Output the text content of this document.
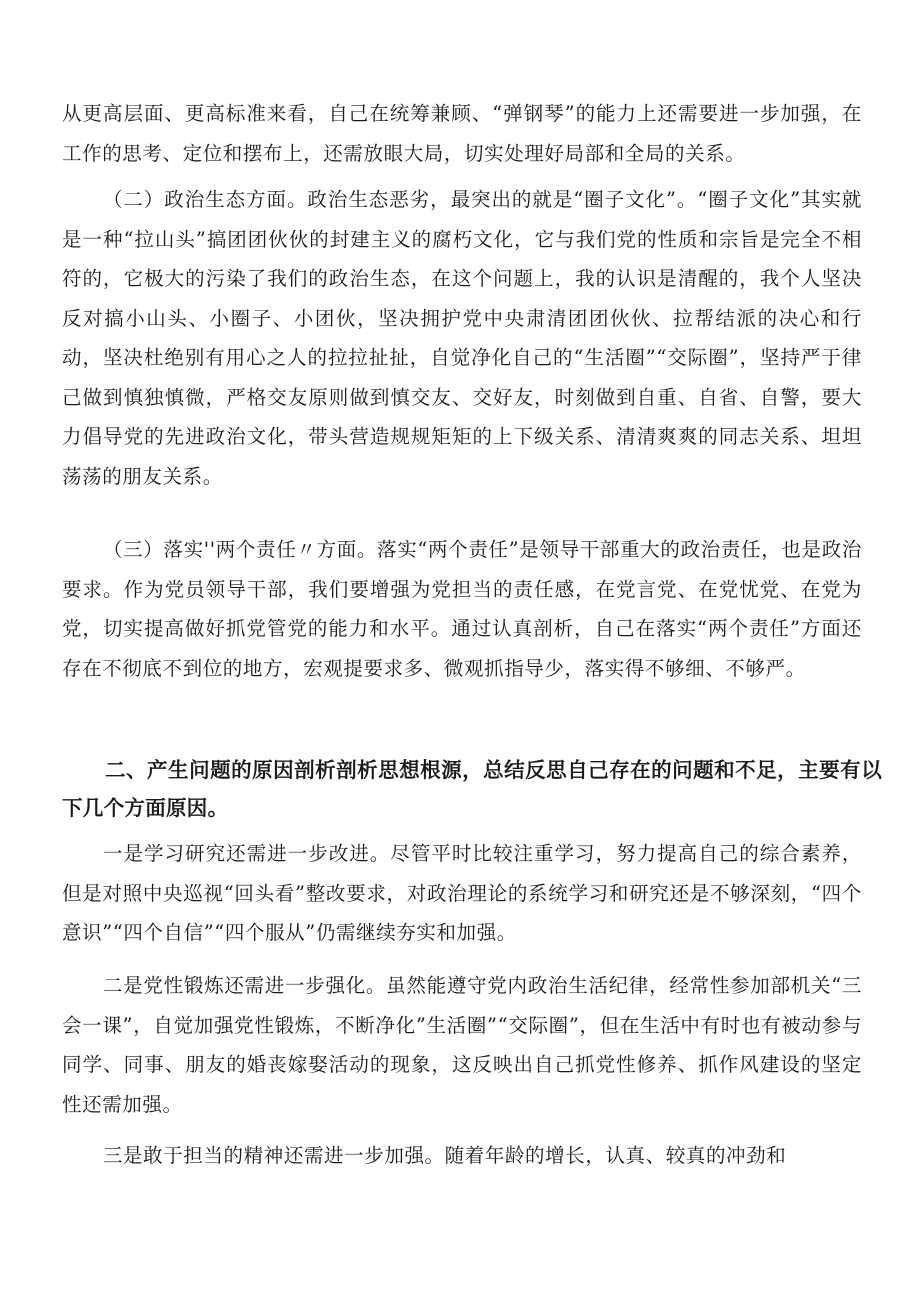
从更高层面、更高标准来看，自己在统筹兼顾、“弹钢琴”的能力上还需要进一步加强，在工作的思考、定位和摆布上，还需放眼大局，切实处理好局部和全局的关系。

（二）政治生态方面。政治生态恶劣，最突出的就是“圈子文化”。“圈子文化”其实就是一种“拉山头”搞团团伙伙的封建主义的腐朽文化，它与我们党的性质和宗旨是完全不相符的，它极大的污染了我们的政治生态，在这个问题上，我的认识是清醒的，我个人坚决反对搞小山头、小圈子、小团伙，坚决拥护党中央肃清团团伙伙、拉帮结派的决心和行动，坚决杜绝别有用心之人的拉拉扯扯，自觉净化自己的“生活圈”“交际圈”，坚持严于律己做到慎独慎微，严格交友原则做到慎交友、交好友，时刻做到自重、自省、自警，要大力倡导党的先进政治文化，带头营造规规矩矩的上下级关系、清清爽爽的同志关系、坦坦荡荡的朋友关系。

（三）落实''两个责任〃方面。落实“两个责任”是领导干部重大的政治责任，也是政治要求。作为党员领导干部，我们要增强为党担当的责任感，在党言党、在党忧党、在党为党，切实提高做好抓党管党的能力和水平。通过认真剖析，自己在落实“两个责任”方面还存在不彻底不到位的地方，宏观提要求多、微观抓指导少，落实得不够细、不够严。

二、产生问题的原因剖析剖析思想根源，总结反思自己存在的问题和不足，主要有以下几个方面原因。

一是学习研究还需进一步改进。尽管平时比较注重学习，努力提高自己的综合素养，但是对照中央巡视“回头看”整改要求，对政治理论的系统学习和研究还是不够深刻，“四个意识”“四个自信”“四个服从”仍需继续夯实和加强。

二是党性锻炼还需进一步强化。虽然能遵守党内政治生活纪律，经常性参加部机关“三会一课”，自觉加强党性锻炼，不断净化”生活圈”“交际圈”，但在生活中有时也有被动参与同学、同事、朋友的婚丧嫁娶活动的现象，这反映出自己抓党性修养、抓作风建设的坚定性还需加强。

三是敢于担当的精神还需进一步加强。随着年龄的增长，认真、较真的冲劲和
